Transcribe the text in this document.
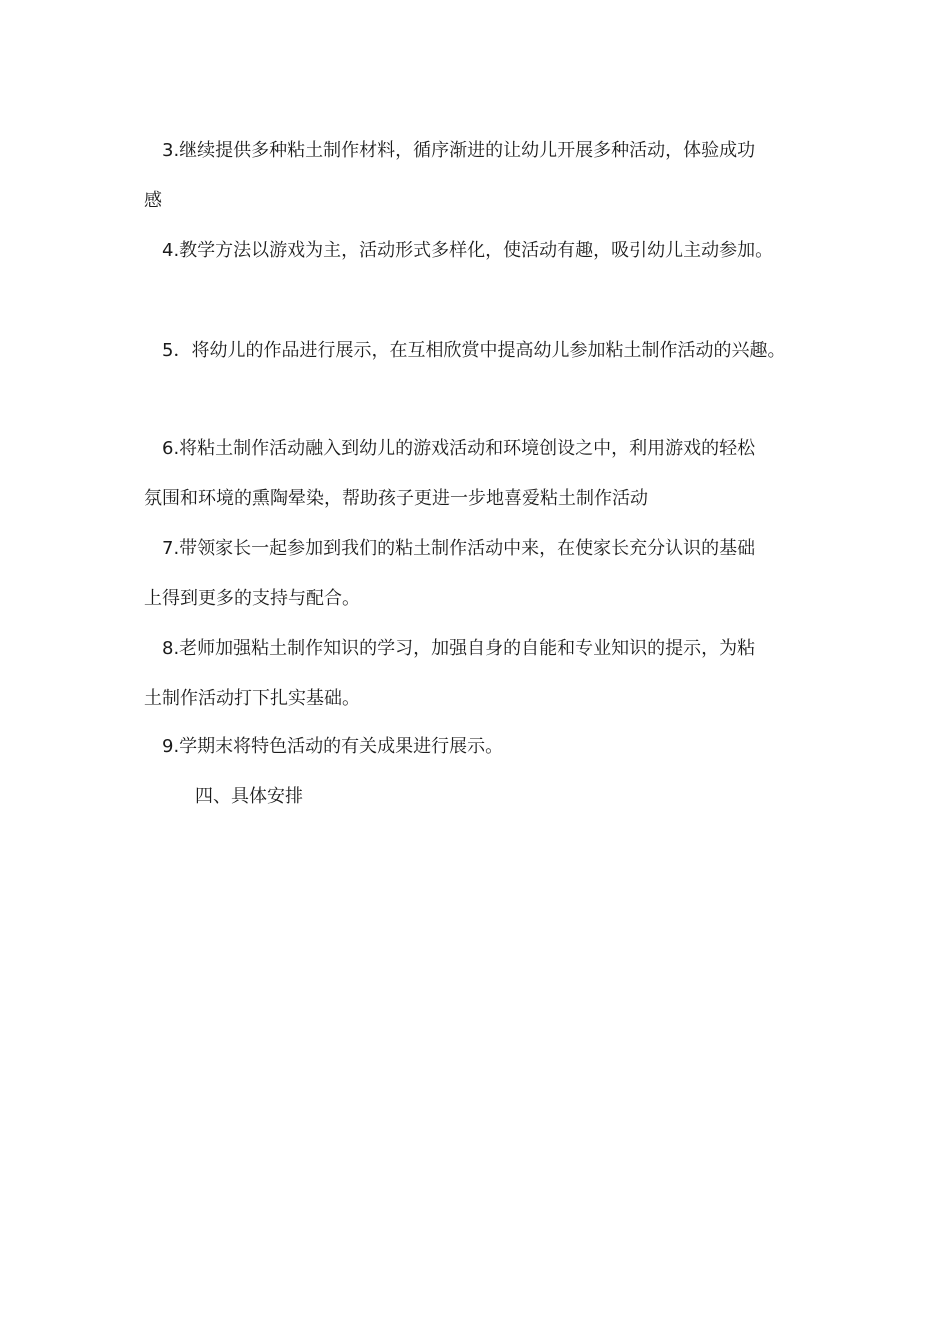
3.继续提供多种粘土制作材料，循序渐进的让幼儿开展多种活动，体验成功
感
4.教学方法以游戏为主，活动形式多样化，使活动有趣，吸引幼儿主动参加。
5．将幼儿的作品进行展示，在互相欣赏中提高幼儿参加粘土制作活动的兴趣。
6.将粘土制作活动融入到幼儿的游戏活动和环境创设之中，利用游戏的轻松
氛围和环境的熏陶晕染，帮助孩子更进一步地喜爱粘土制作活动
7.带领家长一起参加到我们的粘土制作活动中来，在使家长充分认识的基础
上得到更多的支持与配合。
8.老师加强粘土制作知识的学习，加强自身的自能和专业知识的提示，为粘
土制作活动打下扎实基础。
9.学期末将特色活动的有关成果进行展示。
四、具体安排
